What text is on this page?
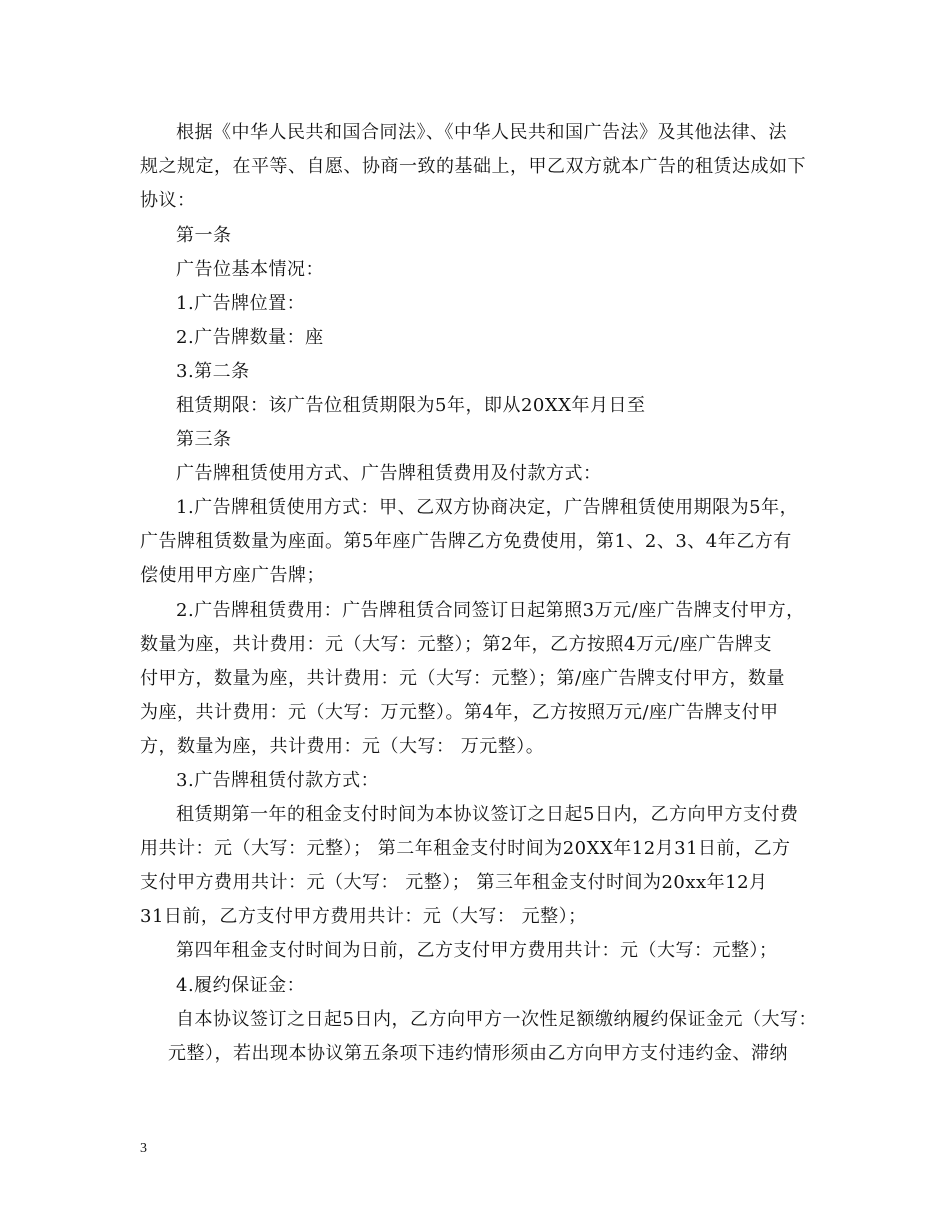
根据《中华人民共和国合同法》、《中华人民共和国广告法》及其他法律、法
规之规定，在平等、自愿、协商一致的基础上，甲乙双方就本广告的租赁达成如下
协议：
第一条
广告位基本情况：
1.广告牌位置：
2.广告牌数量：座
3.第二条
租赁期限：该广告位租赁期限为5年，即从20XX年月日至
第三条
广告牌租赁使用方式、广告牌租赁费用及付款方式：
1.广告牌租赁使用方式：甲、乙双方协商决定，广告牌租赁使用期限为5年，
广告牌租赁数量为座面。第5年座广告牌乙方免费使用，第1、2、3、4年乙方有
偿使用甲方座广告牌；
2.广告牌租赁费用：广告牌租赁合同签订日起第照3万元/座广告牌支付甲方，
数量为座，共计费用：元（大写：元整）；第2年，乙方按照4万元/座广告牌支
付甲方，数量为座，共计费用：元（大写：元整）；第/座广告牌支付甲方，数量
为座，共计费用：元（大写：万元整）。第4年，乙方按照万元/座广告牌支付甲
方，数量为座，共计费用：元（大写： 万元整）。
3.广告牌租赁付款方式：
租赁期第一年的租金支付时间为本协议签订之日起5日内，乙方向甲方支付费
用共计：元（大写：元整）； 第二年租金支付时间为20XX年12月31日前，乙方
支付甲方费用共计：元（大写： 元整）； 第三年租金支付时间为20xx年12月
31日前，乙方支付甲方费用共计：元（大写： 元整）；
第四年租金支付时间为日前，乙方支付甲方费用共计：元（大写：元整）；
4.履约保证金：
自本协议签订之日起5日内，乙方向甲方一次性足额缴纳履约保证金元（大写：
元整），若出现本协议第五条项下违约情形须由乙方向甲方支付违约金、滞纳
3
